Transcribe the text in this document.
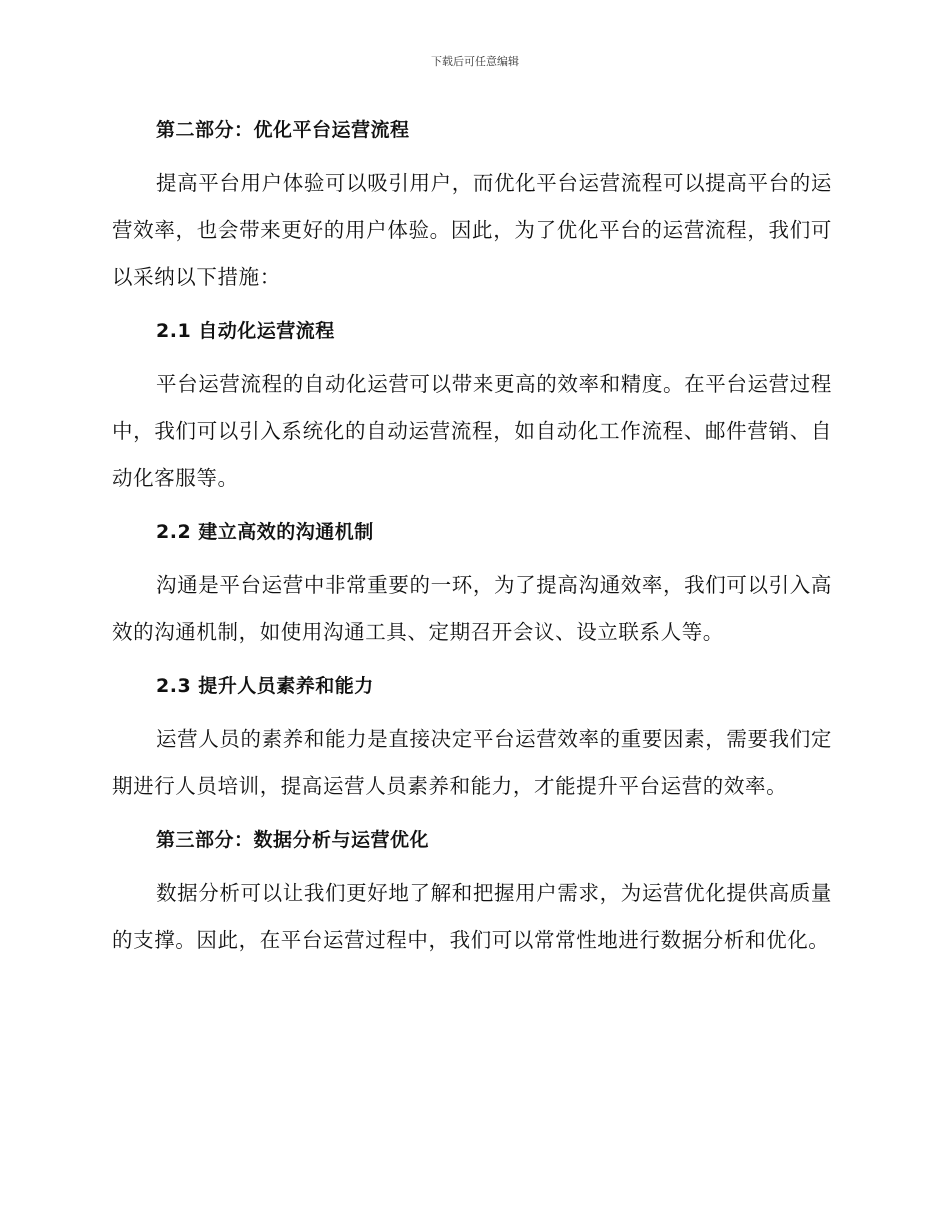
下载后可任意编辑
第二部分：优化平台运营流程

提高平台用户体验可以吸引用户，而优化平台运营流程可以提高平台的运营效率，也会带来更好的用户体验。因此，为了优化平台的运营流程，我们可以采纳以下措施：

2.1 自动化运营流程

平台运营流程的自动化运营可以带来更高的效率和精度。在平台运营过程中，我们可以引入系统化的自动运营流程，如自动化工作流程、邮件营销、自动化客服等。

2.2 建立高效的沟通机制

沟通是平台运营中非常重要的一环，为了提高沟通效率，我们可以引入高效的沟通机制，如使用沟通工具、定期召开会议、设立联系人等。

2.3 提升人员素养和能力

运营人员的素养和能力是直接决定平台运营效率的重要因素，需要我们定期进行人员培训，提高运营人员素养和能力，才能提升平台运营的效率。

第三部分：数据分析与运营优化

数据分析可以让我们更好地了解和把握用户需求，为运营优化提供高质量的支撑。因此，在平台运营过程中，我们可以常常性地进行数据分析和优化。
